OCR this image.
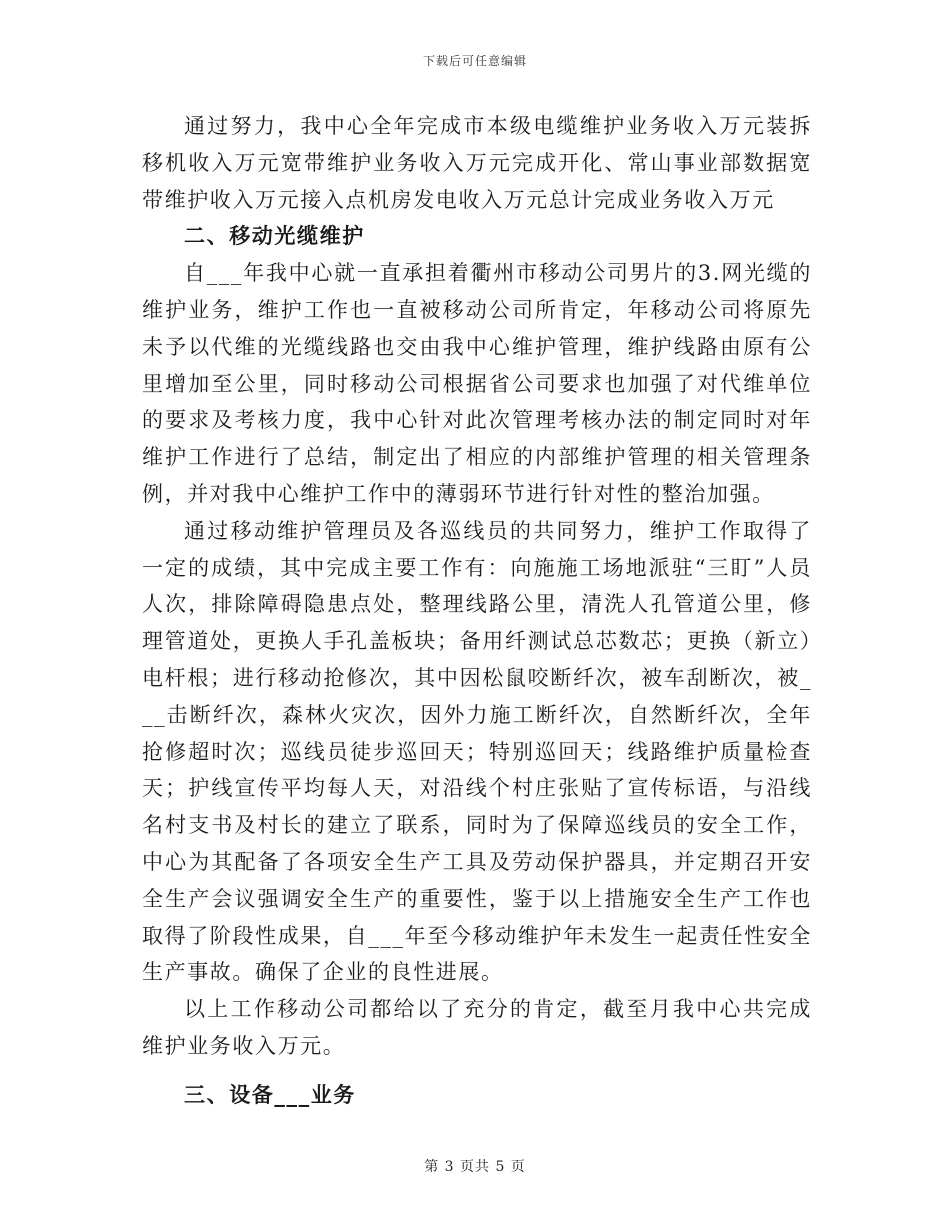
下载后可任意编辑

通过努力，我中心全年完成市本级电缆维护业务收入万元装拆移机收入万元宽带维护业务收入万元完成开化、常山事业部数据宽带维护收入万元接入点机房发电收入万元总计完成业务收入万元

二、移动光缆维护

自___年我中心就一直承担着衢州市移动公司男片的3.网光缆的维护业务，维护工作也一直被移动公司所肯定，年移动公司将原先未予以代维的光缆线路也交由我中心维护管理，维护线路由原有公里增加至公里，同时移动公司根据省公司要求也加强了对代维单位的要求及考核力度，我中心针对此次管理考核办法的制定同时对年维护工作进行了总结，制定出了相应的内部维护管理的相关管理条例，并对我中心维护工作中的薄弱环节进行针对性的整治加强。

通过移动维护管理员及各巡线员的共同努力，维护工作取得了一定的成绩，其中完成主要工作有：向施施工场地派驻“三盯”人员人次，排除障碍隐患点处，整理线路公里，清洗人孔管道公里，修理管道处，更换人手孔盖板块；备用纤测试总芯数芯；更换（新立）电杆根；进行移动抢修次，其中因松鼠咬断纤次，被车刮断次，被___击断纤次，森林火灾次，因外力施工断纤次，自然断纤次，全年抢修超时次；巡线员徒步巡回天；特别巡回天；线路维护质量检查天；护线宣传平均每人天，对沿线个村庄张贴了宣传标语，与沿线名村支书及村长的建立了联系，同时为了保障巡线员的安全工作，中心为其配备了各项安全生产工具及劳动保护器具，并定期召开安全生产会议强调安全生产的重要性，鉴于以上措施安全生产工作也取得了阶段性成果，自___年至今移动维护年未发生一起责任性安全生产事故。确保了企业的良性进展。

以上工作移动公司都给以了充分的肯定，截至月我中心共完成维护业务收入万元。

三、设备___业务

第 3 页共 5 页
